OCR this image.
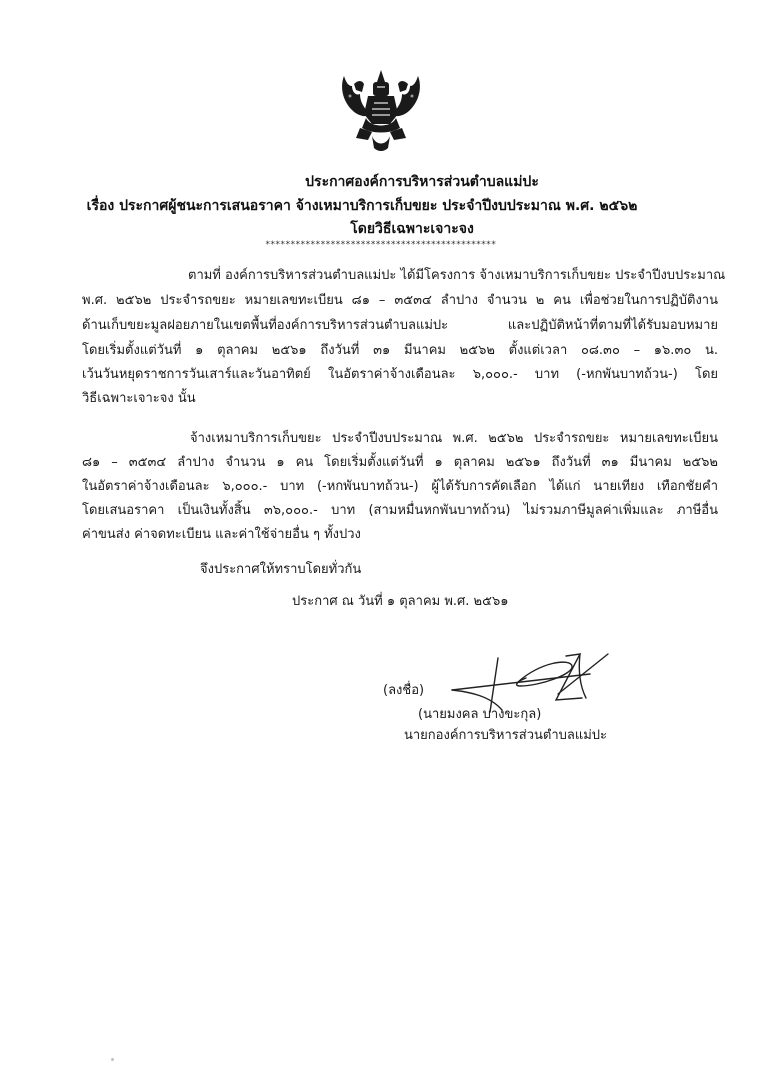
ประกาศองค์การบริหารส่วนตำบลแม่ปะ
เรื่อง ประกาศผู้ชนะการเสนอราคา จ้างเหมาบริการเก็บขยะ ประจำปีงบประมาณ พ.ศ. ๒๕๖๒
โดยวิธีเฉพาะเจาะจง
**********************************************
ตามที่ องค์การบริหารส่วนตำบลแม่ปะ ได้มีโครงการ จ้างเหมาบริการเก็บขยะ ประจำปีงบประมาณ
พ.ศ. ๒๕๖๒ ประจำรถขยะ หมายเลขทะเบียน ๘๑ – ๓๕๓๔ ลำปาง จำนวน ๒ คน เพื่อช่วยในการปฏิบัติงาน
ด้านเก็บขยะมูลฝอยภายในเขตพื้นที่องค์การบริหารส่วนตำบลแม่ปะ และปฏิบัติหน้าที่ตามที่ได้รับมอบหมาย
โดยเริ่มตั้งแต่วันที่ ๑ ตุลาคม ๒๕๖๑ ถึงวันที่ ๓๑ มีนาคม ๒๕๖๒ ตั้งแต่เวลา ๐๘.๓๐ – ๑๖.๓๐ น.
เว้นวันหยุดราชการวันเสาร์และวันอาทิตย์ ในอัตราค่าจ้างเดือนละ ๖,๐๐๐.- บาท (-หกพันบาทถ้วน-) โดย
วิธีเฉพาะเจาะจง นั้น
จ้างเหมาบริการเก็บขยะ ประจำปีงบประมาณ พ.ศ. ๒๕๖๒ ประจำรถขยะ หมายเลขทะเบียน
๘๑ – ๓๕๓๔ ลำปาง จำนวน ๑ คน โดยเริ่มตั้งแต่วันที่ ๑ ตุลาคม ๒๕๖๑ ถึงวันที่ ๓๑ มีนาคม ๒๕๖๒
ในอัตราค่าจ้างเดือนละ ๖,๐๐๐.- บาท (-หกพันบาทถ้วน-) ผู้ได้รับการคัดเลือก ได้แก่ นายเทียง เทือกชัยคำ
โดยเสนอราคา เป็นเงินทั้งสิ้น ๓๖,๐๐๐.- บาท (สามหมื่นหกพันบาทถ้วน) ไม่รวมภาษีมูลค่าเพิ่มและ ภาษีอื่น
ค่าขนส่ง ค่าจดทะเบียน และค่าใช้จ่ายอื่น ๆ ทั้งปวง
จึงประกาศให้ทราบโดยทั่วกัน
ประกาศ ณ วันที่ ๑ ตุลาคม พ.ศ. ๒๕๖๑
(ลงชื่อ)
(นายมงคล บางขะกุล)
นายกองค์การบริหารส่วนตำบลแม่ปะ
